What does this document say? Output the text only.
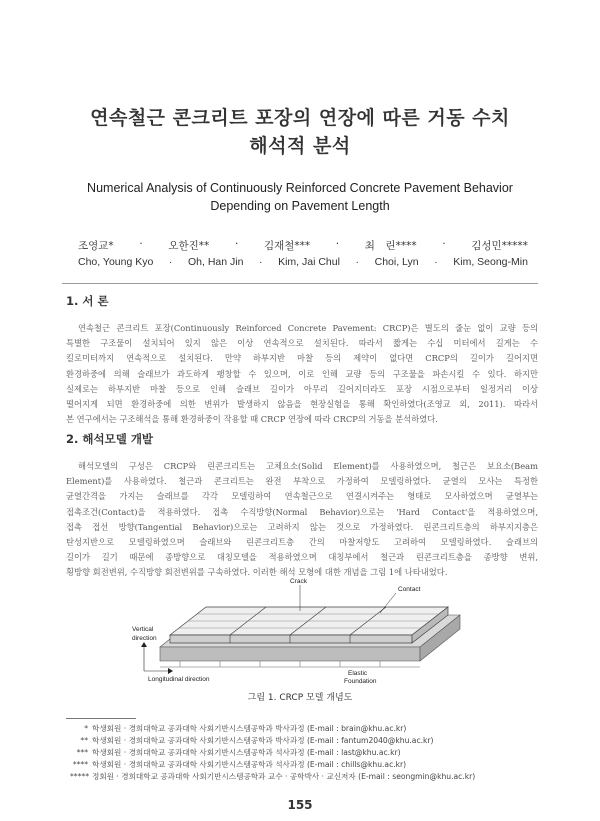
연속철근 콘크리트 포장의 연장에 따른 거동 수치
해석적 분석
Numerical Analysis of Continuously Reinforced Concrete Pavement Behavior
Depending on Pavement Length
조영교* · 오한진** · 김재철*** · 최　린**** · 김성민*****
Cho, Young Kyo · Oh, Han Jin · Kim, Jai Chul · Choi, Lyn · Kim, Seong-Min
1. 서 론
연속철근 콘크리트 포장(Continuously Reinforced Concrete Pavement: CRCP)은 별도의 줄눈 없이 교량 등의
특별한 구조물이 설치되어 있지 않은 이상 연속적으로 설치된다. 따라서 짧게는 수십 미터에서 길게는 수
킬로미터까지 연속적으로 설치된다. 만약 하부지반 마찰 등의 제약이 없다면 CRCP의 길이가 길어지면
환경하중에 의해 슬래브가 과도하게 팽창할 수 있으며, 이로 인해 교량 등의 구조물을 파손시킬 수 있다. 하지만
실제로는 하부지반 마찰 등으로 인해 슬래브 길이가 아무리 길어지더라도 포장 시점으로부터 일정거리 이상
떨어지게 되면 환경하중에 의한 변위가 발생하지 않음을 현장실험을 통해 확인하였다(조영교 외, 2011). 따라서
본 연구에서는 구조해석을 통해 환경하중이 작용할 때 CRCP 연장에 따라 CRCP의 거동을 분석하였다.
2. 해석모델 개발
해석모델의 구성은 CRCP와 린콘크리트는 고체요소(Solid Element)를 사용하였으며, 철근은 보요소(Beam
Element)를 사용하였다. 철근과 콘크리트는 완전 부착으로 가정하여 모델링하였다. 균열의 모사는 특정한
균열간격을 가지는 슬래브를 각각 모델링하여 연속철근으로 연결시켜주는 형태로 모사하였으며 균열부는
접촉조건(Contact)을 적용하였다. 접촉 수직방향(Normal Behavior)으로는 'Hard Contact'을 적용하였으며,
접촉 접선 방향(Tangential Behavior)으로는 고려하지 않는 것으로 가정하였다. 린콘크리트층의 하부지지층은
탄성지반으로 모델링하였으며 슬래브와 린콘크리트층 간의 마찰저항도 고려하여 모델링하였다. 슬래브의
길이가 길기 때문에 종방향으로 대칭모델을 적용하였으며 대칭부에서 철근과 린콘크리트층을 종방향 변위,
횡방향 회전변위, 수직방향 회전변위를 구속하였다. 이러한 해석 모형에 대한 개념을 그림 1에 나타내었다.
Crack
Contact
Vertical
direction
Longitudinal direction
Elastic
Foundation
그림 1. CRCP 모델 개념도
* 학생회원 · 경희대학교 공과대학 사회기반시스템공학과 박사과정 (E-mail : brain@khu.ac.kr)
** 학생회원 · 경희대학교 공과대학 사회기반시스템공학과 박사과정 (E-mail : fantum2040@khu.ac.kr)
*** 학생회원 · 경희대학교 공과대학 사회기반시스템공학과 석사과정 (E-mail : last@khu.ac.kr)
**** 학생회원 · 경희대학교 공과대학 사회기반시스템공학과 석사과정 (E-mail : chills@khu.ac.kr)
***** 정회원 · 경희대학교 공과대학 사회기반시스템공학과 교수 · 공학박사 · 교신저자 (E-mail : seongmin@khu.ac.kr)
155
